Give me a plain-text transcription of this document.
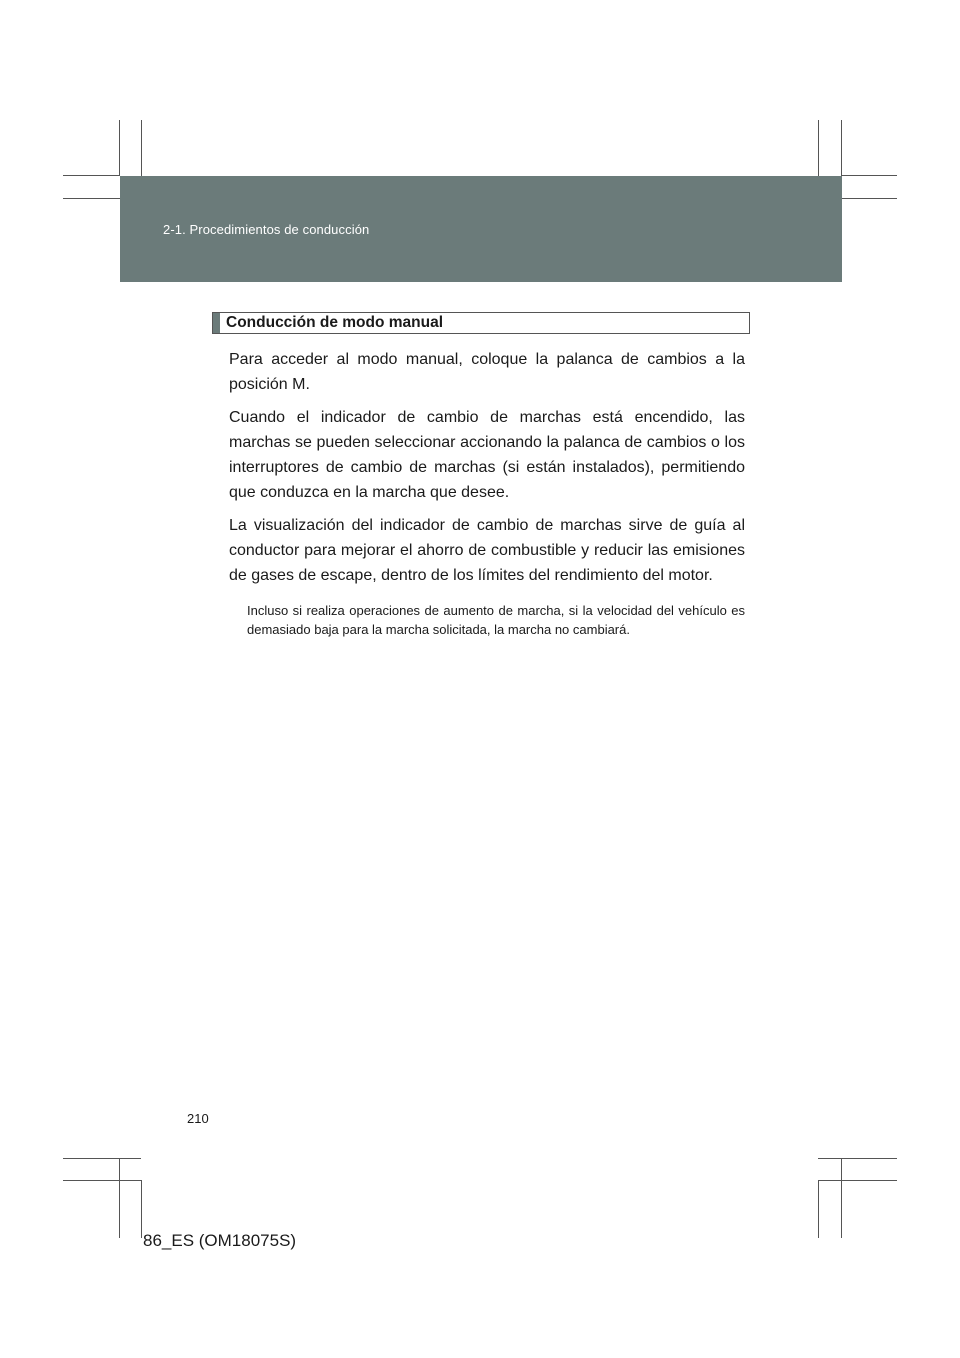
2-1. Procedimientos de conducción
Conducción de modo manual

Para acceder al modo manual, coloque la palanca de cambios a la posición M.

Cuando el indicador de cambio de marchas está encendido, las marchas se pueden seleccionar accionando la palanca de cambios o los interruptores de cambio de marchas (si están instalados), permitiendo que conduzca en la marcha que desee.

La visualización del indicador de cambio de marchas sirve de guía al conductor para mejorar el ahorro de combustible y reducir las emisiones de gases de escape, dentro de los límites del rendimiento del motor.

Incluso si realiza operaciones de aumento de marcha, si la velocidad del vehículo es demasiado baja para la marcha solicitada, la marcha no cambiará.
210
86_ES (OM18075S)
